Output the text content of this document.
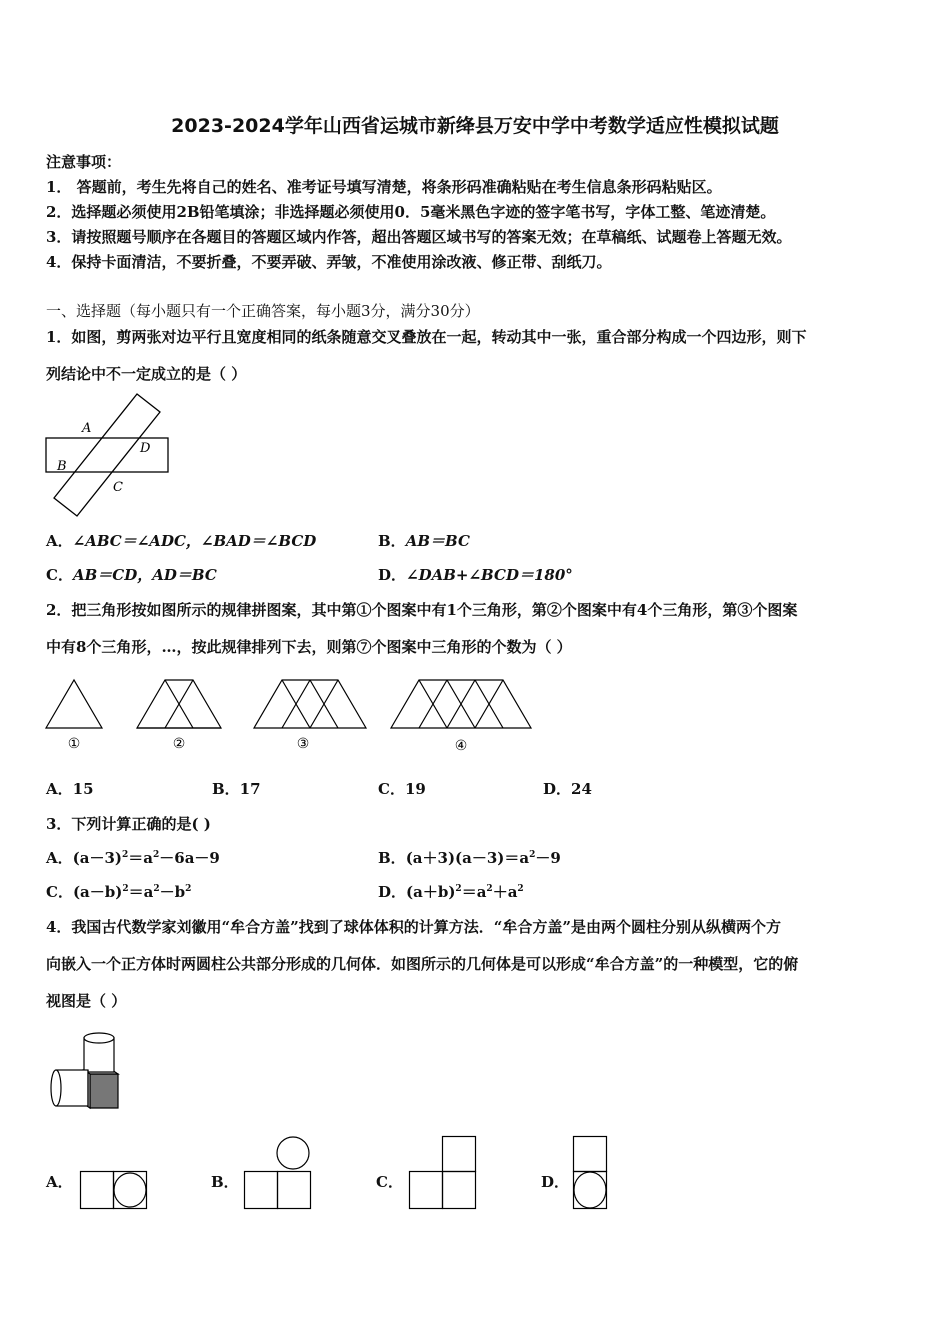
2023-2024学年山西省运城市新绛县万安中学中考数学适应性模拟试题
注意事项：
1． 答题前，考生先将自己的姓名、准考证号填写清楚，将条形码准确粘贴在考生信息条形码粘贴区。
2．选择题必须使用2B铅笔填涂；非选择题必须使用0．5毫米黑色字迹的签字笔书写，字体工整、笔迹清楚。
3．请按照题号顺序在各题目的答题区域内作答，超出答题区域书写的答案无效；在草稿纸、试题卷上答题无效。
4．保持卡面清洁，不要折叠，不要弄破、弄皱，不准使用涂改液、修正带、刮纸刀。
一、选择题（每小题只有一个正确答案，每小题3分，满分30分）
1．如图，剪两张对边平行且宽度相同的纸条随意交叉叠放在一起，转动其中一张，重合部分构成一个四边形，则下
列结论中不一定成立的是（ ）
A
B
C
D
A．∠ABC＝∠ADC，∠BAD＝∠BCD	B．AB＝BC
C．AB＝CD，AD＝BC	D．∠DAB+∠BCD＝180°
2．把三角形按如图所示的规律拼图案，其中第①个图案中有1个三角形，第②个图案中有4个三角形，第③个图案
中有8个三角形，…，按此规律排列下去，则第⑦个图案中三角形的个数为（ ）
①	②	③	④
A．15	B．17	C．19	D．24
3．下列计算正确的是( )
A．$(a-3)^2=a^2-6a-9$	B．$(a+3)(a-3)=a^2-9$
C．$(a-b)^2=a^2-b^2$	D．$(a+b)^2=a^2+a^2$
4．我国古代数学家刘徽用“牟合方盖”找到了球体体积的计算方法．“牟合方盖”是由两个圆柱分别从纵横两个方
向嵌入一个正方体时两圆柱公共部分形成的几何体．如图所示的几何体是可以形成“牟合方盖”的一种模型，它的俯
视图是（ ）
A．	B．	C．	D．
